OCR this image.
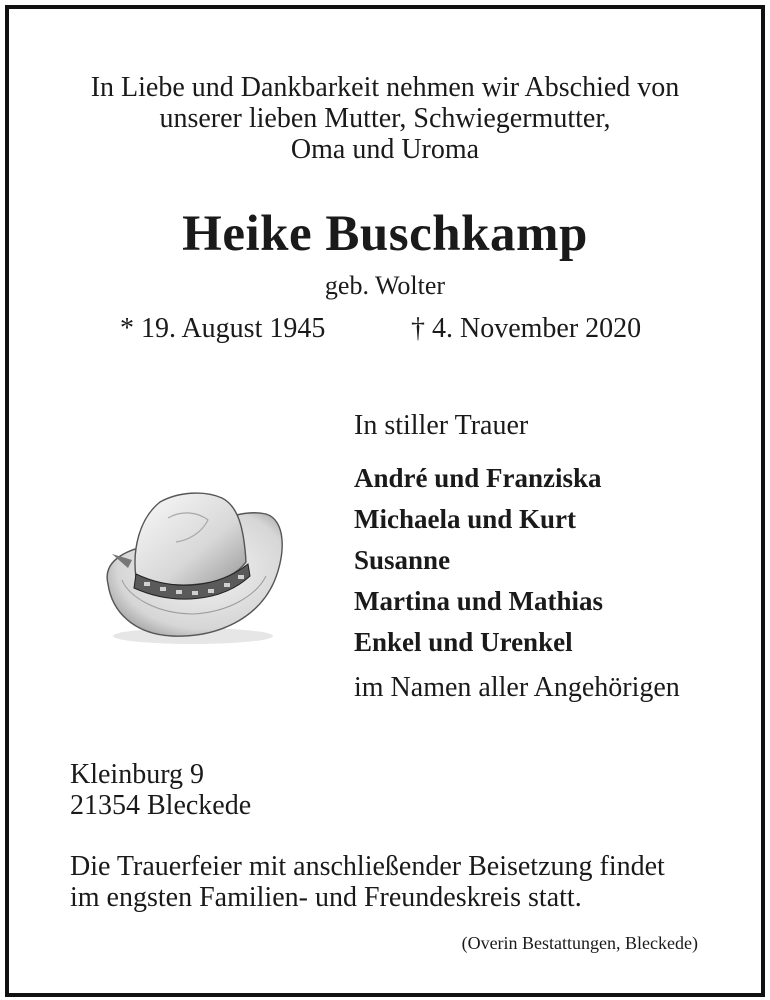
In Liebe und Dankbarkeit nehmen wir Abschied von
unserer lieben Mutter, Schwiegermutter,
Oma und Uroma
Heike Buschkamp
geb. Wolter
* 19. August 1945	† 4. November 2020
In stiller Trauer
André und Franziska
Michaela und Kurt
Susanne
Martina und Mathias
Enkel und Urenkel
im Namen aller Angehörigen
Kleinburg 9
21354 Bleckede
Die Trauerfeier mit anschließender Beisetzung findet
im engsten Familien- und Freundeskreis statt.
(Overin Bestattungen, Bleckede)
